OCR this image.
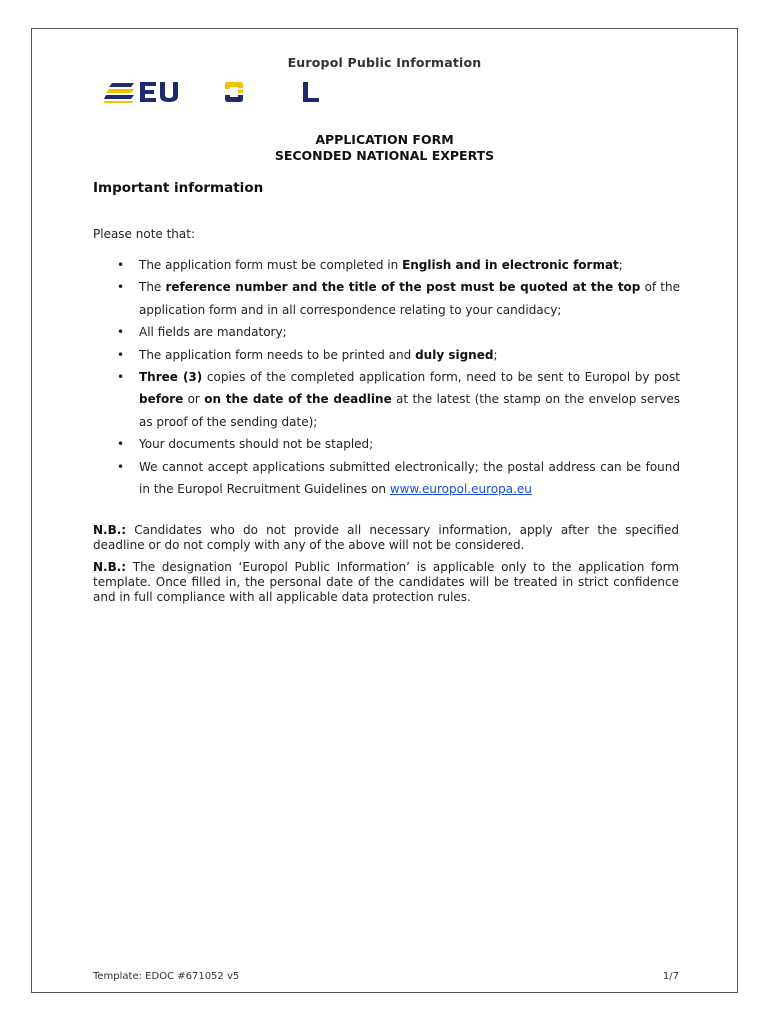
Europol Public Information
APPLICATION FORM
SECONDED NATIONAL EXPERTS
Important information
Please note that:
• The application form must be completed in English and in electronic format;
• The reference number and the title of the post must be quoted at the top of the application form and in all correspondence relating to your candidacy;
• All fields are mandatory;
• The application form needs to be printed and duly signed;
• Three (3) copies of the completed application form, need to be sent to Europol by post before or on the date of the deadline at the latest (the stamp on the envelop serves as proof of the sending date);
• Your documents should not be stapled;
• We cannot accept applications submitted electronically; the postal address can be found in the Europol Recruitment Guidelines on www.europol.europa.eu
N.B.: Candidates who do not provide all necessary information, apply after the specified deadline or do not comply with any of the above will not be considered.
N.B.: The designation ‘Europol Public Information’ is applicable only to the application form template. Once filled in, the personal date of the candidates will be treated in strict confidence and in full compliance with all applicable data protection rules.
Template: EDOC #671052 v5	1/7
